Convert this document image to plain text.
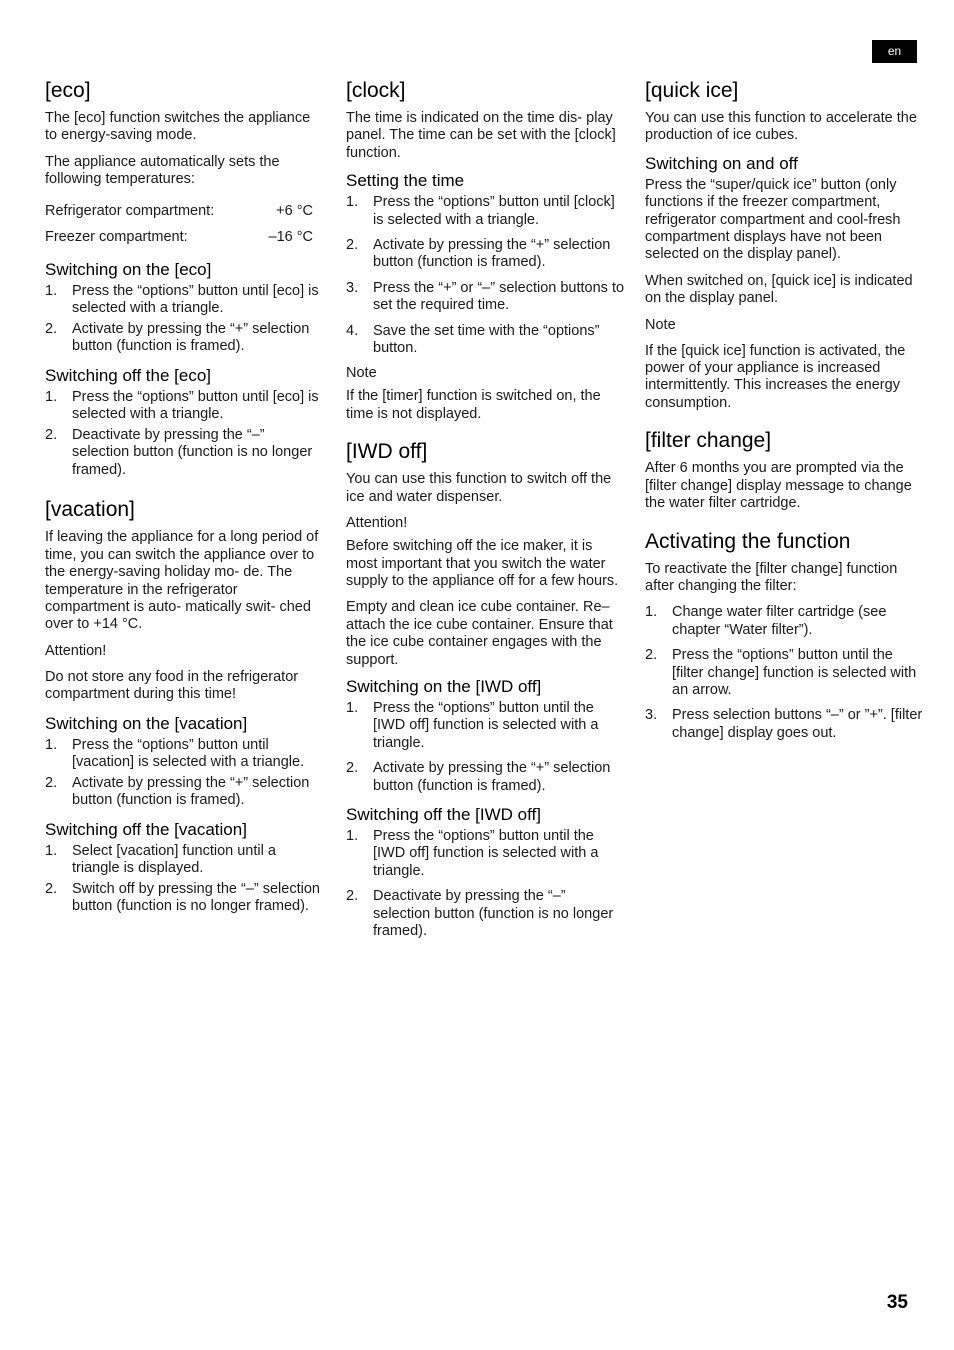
en
[eco]

The [eco] function switches the appliance to energy-saving mode.

The appliance automatically sets the following temperatures:

Refrigerator compartment:	+6 °C
Freezer compartment:	–16 °C
Switching on the [eco]
1. Press the “options” button until [eco] is selected with a triangle.
2. Activate by pressing the “+” selection button (function is framed).
Switching off the [eco]
1. Press the “options” button until [eco] is selected with a triangle.
2. Deactivate by pressing the “–” selection button (function is no longer framed).
[vacation]

If leaving the appliance for a long period of time, you can switch the appliance over to the energy-saving holiday mo- de. The temperature in the refrigerator compartment is auto- matically swit- ched over to +14 °C.

Attention!

Do not store any food in the refrigerator compartment during this time!

Switching on the [vacation]
1. Press the “options” button until [vacation] is selected with a triangle.
2. Activate by pressing the “+” selection button (function is framed).
Switching off the [vacation]
1. Select [vacation] function until a triangle is displayed.
2. Switch off by pressing the “–” selection button (function is no longer framed).
[clock]

The time is indicated on the time dis- play panel. The time can be set with the [clock] function.

Setting the time
1. Press the “options” button until [clock] is selected with a triangle.
2. Activate by pressing the “+” selection button (function is framed).
3. Press the “+” or “–” selection buttons to set the required time.
4. Save the set time with the “options” button.
Note

If the [timer] function is switched on, the time is not displayed.

[IWD off]

You can use this function to switch off the ice and water dispenser.

Attention!

Before switching off the ice maker, it is most important that you switch the water supply to the appliance off for a few hours.

Empty and clean ice cube container. Re–attach the ice cube container. Ensure that the ice cube container engages with the support.

Switching on the [IWD off]
1. Press the “options” button until the [IWD off] function is selected with a triangle.
2. Activate by pressing the “+” selection button (function is framed).
Switching off the [IWD off]
1. Press the “options” button until the [IWD off] function is selected with a triangle.
2. Deactivate by pressing the “–” selection button (function is no longer framed).
[quick ice]

You can use this function to accelerate the production of ice cubes.

Switching on and off

Press the “super/quick ice” button (only functions if the freezer compartment, refrigerator compartment and cool-fresh compartment displays have not been selected on the display panel).

When switched on, [quick ice] is indicated on the display panel.

Note

If the [quick ice] function is activated, the power of your appliance is increased intermittently. This increases the energy consumption.

[filter change]

After 6 months you are prompted via the [filter change] display message to change the water filter cartridge.

Activating the function

To reactivate the [filter change] function after changing the filter:

1. Change water filter cartridge (see chapter “Water filter”).
2. Press the “options” button until the [filter change] function is selected with an arrow.
3. Press selection buttons “–” or ”+”. [filter change] display goes out.
35
